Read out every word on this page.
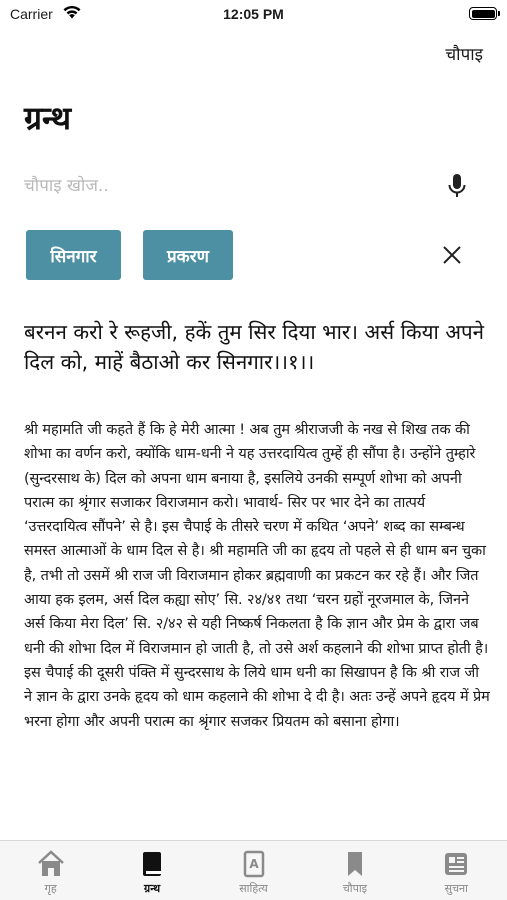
Carrier	12:05 PM
चौपाइ
ग्रन्थ
चौपाइ खोज..
सिनगार	प्रकरण

बरनन करो रे रूहजी, हकें तुम सिर दिया भार। अर्स किया अपने दिल को, माहें बैठाओ कर सिनगार।।१।।

श्री महामति जी कहते हैं कि हे मेरी आत्मा ! अब तुम श्रीराजजी के नख से शिख तक की शोभा का वर्णन करो, क्योंकि धाम-धनी ने यह उत्तरदायित्व तुम्हें ही सौंपा है। उन्होंने तुम्हारे (सुन्दरसाथ के) दिल को अपना धाम बनाया है, इसलिये उनकी सम्पूर्ण शोभा को अपनी परात्म का श्रृंगार सजाकर विराजमान करो। भावार्थ- सिर पर भार देने का तात्पर्य ‘उत्तरदायित्व सौंपने’ से है। इस चैपाई के तीसरे चरण में कथित ‘अपने’ शब्द का सम्बन्ध समस्त आत्माओं के धाम दिल से है। श्री महामति जी का हृदय तो पहले से ही धाम बन चुका है, तभी तो उसमें श्री राज जी विराजमान होकर ब्रह्मवाणी का प्रकटन कर रहे हैं। और जित आया हक इलम, अर्स दिल कह्या सोए’ सि. २४/४१ तथा ‘चरन ग्रहों नूरजमाल के, जिनने अर्स किया मेरा दिल’ सि. २/४२ से यही निष्कर्ष निकलता है कि ज्ञान और प्रेम के द्वारा जब धनी की शोभा दिल में विराजमान हो जाती है, तो उसे अर्श कहलाने की शोभा प्राप्त होती है। इस चैपाई की दूसरी पंक्ति में सुन्दरसाथ के लिये धाम धनी का सिखापन है कि श्री राज जी ने ज्ञान के द्वारा उनके हृदय को धाम कहलाने की शोभा दे दी है। अतः उन्हें अपने हृदय में प्रेम भरना होगा और अपनी परात्म का श्रृंगार सजकर प्रियतम को बसाना होगा।

गृह	ग्रन्थ
A
साहित्य	चौपाइ	सुचना
